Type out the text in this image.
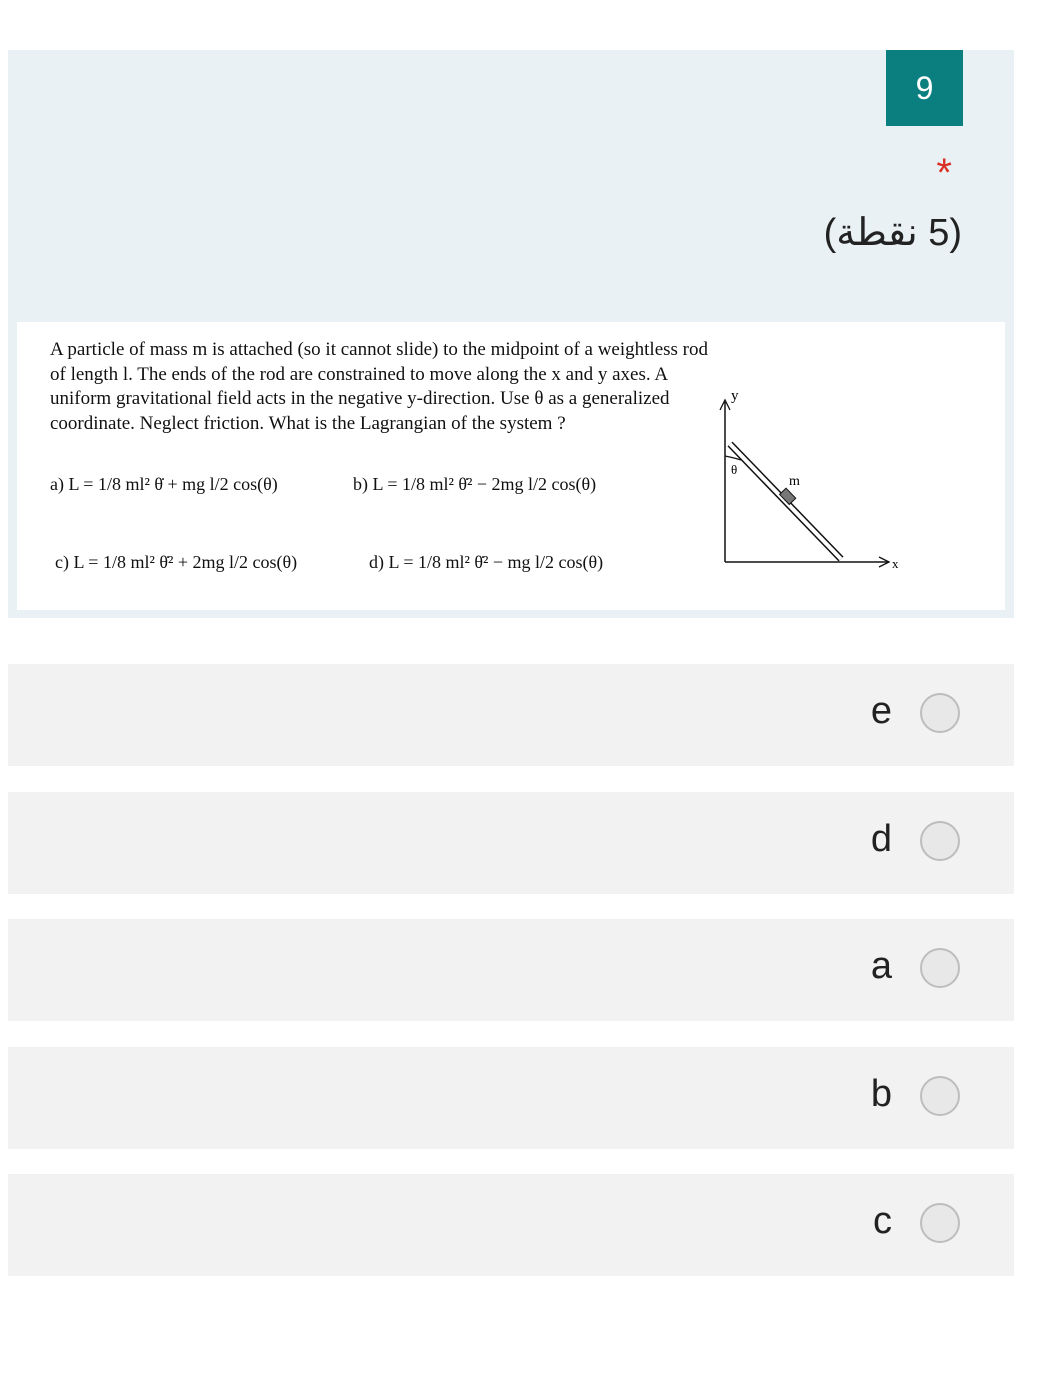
9
*
(5 نقطة)
A particle of mass m is attached (so it cannot slide) to the midpoint of a weightless rod of length l. The ends of the rod are constrained to move along the x and y axes. A uniform gravitational field acts in the negative y-direction. Use θ as a generalized coordinate. Neglect friction. What is the Lagrangian of the system ?
a) L = 1/8 ml² θ̇ + mg l/2 cos(θ)	b) L = 1/8 ml² θ̇² − 2mg l/2 cos(θ)
c) L = 1/8 ml² θ̇² + 2mg l/2 cos(θ)	d) L = 1/8 ml² θ̇² − mg l/2 cos(θ)
θ
m
y
x
e
d
a
b
c
